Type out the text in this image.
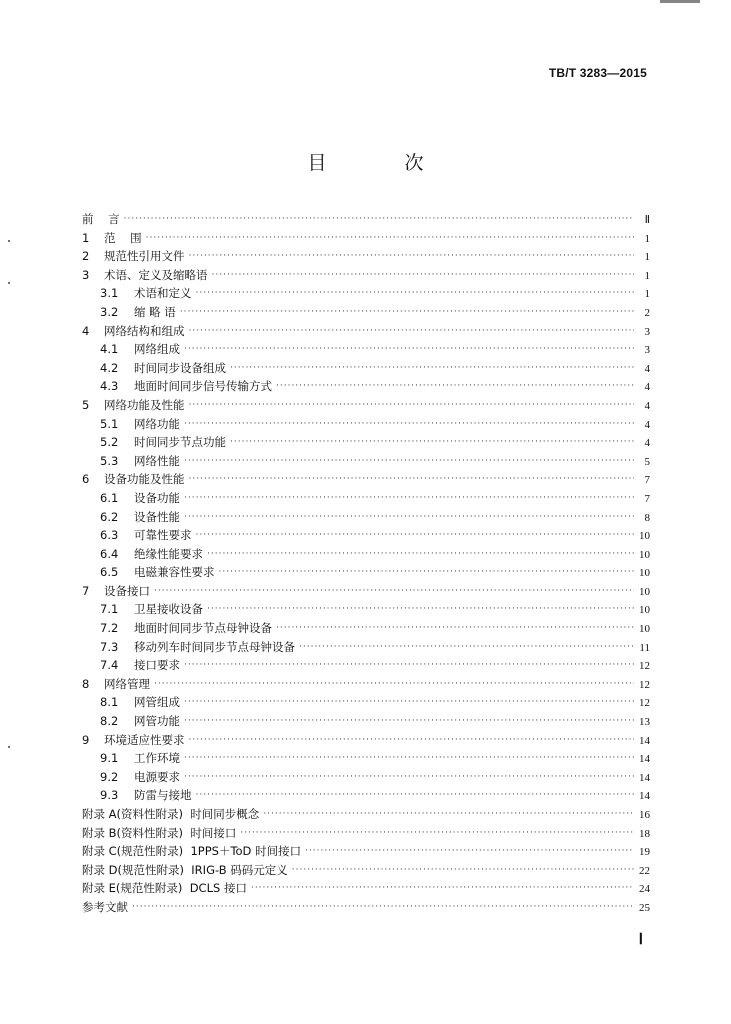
TB/T 3283—2015
目 次
前    言 ·····	Ⅱ
1	范    围 ·····	1
2	规范性引用文件 ·····	1
3	术语、定义及缩略语 ·····	1
3.1	术语和定义 ·····	1
3.2	缩 略 语 ·····	2
4	网络结构和组成 ·····	3
4.1	网络组成 ·····	3
4.2	时间同步设备组成 ·····	4
4.3	地面时间同步信号传输方式 ·····	4
5	网络功能及性能 ·····	4
5.1	网络功能 ·····	4
5.2	时间同步节点功能 ·····	4
5.3	网络性能 ·····	5
6	设备功能及性能 ·····	7
6.1	设备功能 ·····	7
6.2	设备性能 ·····	8
6.3	可靠性要求 ·····	10
6.4	绝缘性能要求 ·····	10
6.5	电磁兼容性要求 ·····	10
7	设备接口 ·····	10
7.1	卫星接收设备 ·····	10
7.2	地面时间同步节点母钟设备 ·····	10
7.3	移动列车时间同步节点母钟设备 ·····	11
7.4	接口要求 ·····	12
8	网络管理 ·····	12
8.1	网管组成 ·····	12
8.2	网管功能 ·····	13
9	环境适应性要求 ·····	14
9.1	工作环境 ·····	14
9.2	电源要求 ·····	14
9.3	防雷与接地 ·····	14
附录 A(资料性附录)  时间同步概念 ·····	16
附录 B(资料性附录)  时间接口 ·····	18
附录 C(规范性附录)  1PPS＋ToD 时间接口 ·····	19
附录 D(规范性附录)  IRIG-B 码码元定义 ·····	22
附录 E(规范性附录)  DCLS 接口 ·····	24
参考文献 ·····	25
Ⅰ
